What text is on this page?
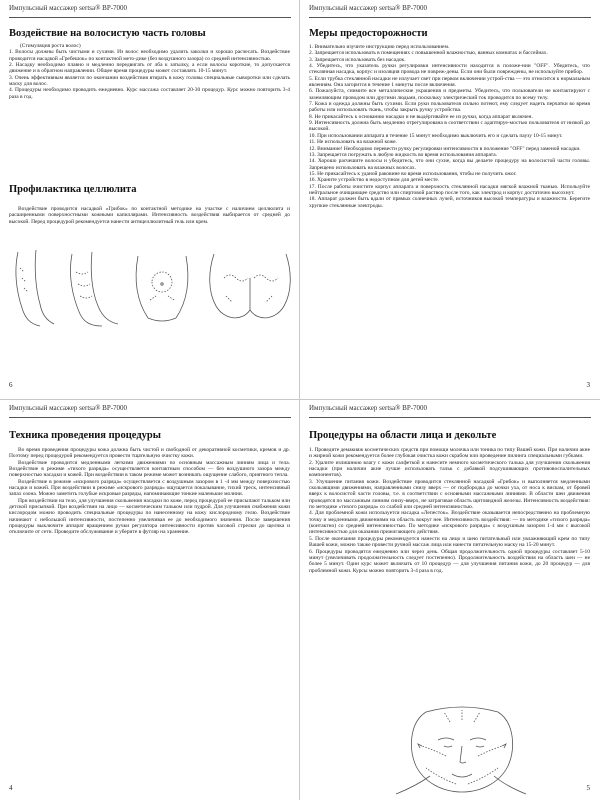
Импульсный массажер sertsa® BP-7000
Воздействие на волосистую часть головы

(Стимуляция роста волос)

1. Волосы должны быть чистыми и сухими. Из волос необходимо удалить заколки и хорошо расчесать. Воздействие проводится насадкой «Гребешок» по контактной мето-дике (без воздушного зазора) со средней интенсивностью.

2. Насадку необходимо плавно и медленно передвигать от лба к затылку, а если волосы короткие, то допускается движение и в обратном направлении. Общее время процедуры может составлять 10-15 минут.

3. Очень эффективным является по окончании воздействия втирать в кожу головы специальные сыворотки или сделать маску для волос.

4. Процедуры необходимо проводить ежедневно. Курс массажа составляет 20-30 процедур. Курс можно повторить 3-4 раза в год.

Профилактика целлюлита

Воздействие проводится насадкой «Грибок» по контактной методике на участке с наличием целлюлита и расширенными поверхностными кожными капиллярами. Интенсивность воздействия выбирается от средней до высокой. Перед процедурой рекомендуется нанести антицеллюлитный гель или крем.

6
Импульсный массажер sertsa® BP-7000
Меры предосторожности

1. Внимательно изучите инструкцию перед использованием.

2. Запрещается использовать в помещениях с повышенной влажностью, ванных комнатах и бассейнах.

3. Запрещается использовать без насадок.

4. Убедитесь, что указатель ручки регулировки интенсивности находится в положе-нии "OFF". Убедитесь, что стеклянная насадка, корпус и изоляция провода не повреж-дены. Если они были повреждены, не используйте прибор.

5. Если трубка стеклянной насадки не излучает свет при первом включении устрой-ства — это относится к нормальным явлениям. Она загорится в течение 1 минуты после включения.

6. Пожалуйста, снимите все металлические украшения и предметы. Убедитесь, что пользователи не контактируют с заземляющим проводом или другими людьми, поскольку электрический ток проводится по всему телу.

7. Кожа и одежда должны быть сухими. Если руки пользователя сильно потеют, ему следует надеть перчатки во время работы или использовать ткань, чтобы закрыть ручку устройства.

8. Не прикасайтесь к основанию насадки и не выдёргивайте ее из ручки, когда аппарат включен.

9. Интенсивность должна быть медленно отрегулирована в соответствии с адаптируе-мостью пользователя от низкой до высокой.

10. При использовании аппарата в течение 15 минут необходимо выключить его и сделать паузу 10-15 минут.

11. Не использовать на влажной коже.

12. Внимание! Необходимо перевести ручку регулировки интенсивности в положение "OFF" перед заменой насадки.

13. Запрещается погружать в любую жидкость во время использования аппарата.

14. Хорошо расчешите волосы и убедитесь, что они сухие, когда вы делаете процедуру на волосистой части головы. Запрещено использовать на влажных волосах.

15. Не прикасайтесь к уданой раковине во время использования, чтобы не получить ожог.

16. Храните устройство в недоступном для детей месте.

17. После работы очистите корпус аппарата и поверхность стеклянной насадки мягкой влажной тканью. Используйте нейтральное очищающее средство или спиртовой раствор после того, как электрод и корпус достаточно высохнут.

18. Аппарат должен быть вдали от прямых солнечных лучей, источников высокой температуры и влажности. Берегите хрупкие стеклянные электроды.

3
Импульсный массажер sertsa® BP-7000
Техника проведения процедуры

Во время проведения процедуры кожа должна быть чистой и свободной от декоративной косметики, кремов и др. Поэтому перед процедурой рекомендуется провести тщательную очистку кожи.

Воздействие проводится медленными легкими движениями по основным массажным линиям лица и тела. Воздействие в режиме «тихого разряда» осуществляется контактным способом — без воздушного зазора между поверхностью насадки и кожей. При воздействии в таком режиме может возникать ощущение слабого, приятного тепла.

Воздействие в режиме «искрового разряда» осуществляется с воздушным зазором в 1 -4 мм между поверхностью насадки и кожей. При воздействии в режиме «искрового разряда» ощущается покалывание, тихий треск, интенсивный запах озона. Можно заметить голубые искровые разряды, напоминающие тонкие маленькие молнии.

При воздействии на тело, для улучшения скольжения насадки по коже, перед процедурой ее присыпают тальком или детской присыпкой. При воздействии на лицо — косметическим тальком или пудрой. Для улучшения снабжения кожи кислородом можно проводить специальные процедуры по нанесенному на кожу кислородному гелю. Воздействие начинают с небольшой интенсивности, постепенно увеличивая ее до необходимого значения. После завершения процедуры выключите аппарат вращением ручки регулятора интенсивности против часовой стрелки до щелчка и отключите от сети. Проведите обслуживание и уберите в футляр на хранение.

4
Импульсный массажер sertsa® BP-7000
Процедуры на области лица и декольте

1. Проведите демакияж косметических средств при помощи молочка или тоника по типу Вашей кожи. При наличии акне и жирной кожи рекомендуется более глубокая очистка кожи скрабом или проведение пилинга специальными губками.

2. Удалите излишнюю влагу с кожи салфеткой и нанесите немного косметического талька для улучшения скольжения насадки (при наличии акне лучше использовать тальк с добавкой подсушивающих противовоспалительных компонентов).

3. Улучшение питания кожи. Воздействие проводится стеклянной насадкой «Грибок» и выполняется медленными скользящими движениями, направленными снизу вверх — от подбородка до мочки уха, от носа к вискам, от бровей вверх к волосистой части головы, т.е. в соответствии с основными массажными линиями. В области шеи движения проводятся по массажным линиям снизу-вверх, не затрагивая область щитовидной железы. Интенсивность воздействия: по методике «тихого разряда» со слабой или средней интенсивностью.

4. Для проблемной кожи используется насадка «Лепесток». Воздействие оказывается непосредственно на проблемную точку и медленными движениями на область вокруг нее. Интенсивность воздействия: — по методике «тихого разряда» (контактно) со средней интенсивностью. По методике «искрового разряда» с воздушным зазором 1-4 мм с высокой интенсивностью для оказания прижигающего действия.

5. После окончания процедуры рекомендуется нанести на лицо и шею питательный или увлажняющий крем по типу Вашей кожи, можно также провести ручной массаж лица или нанести питательную маску на 15-20 минут.

6. Процедуры проводятся ежедневно или через день. Общая продолжительность одной процедуры составляет 5-10 минут (увеличивать продолжительность следует постепенно). Продолжительность воздействия на область шеи — не более 5 минут. Один курс может включать от 10 процедур — для улучшения питания кожи, до 20 процедур — для проблемной кожи. Курсы можно повторить 3-4 раза в год.

5
